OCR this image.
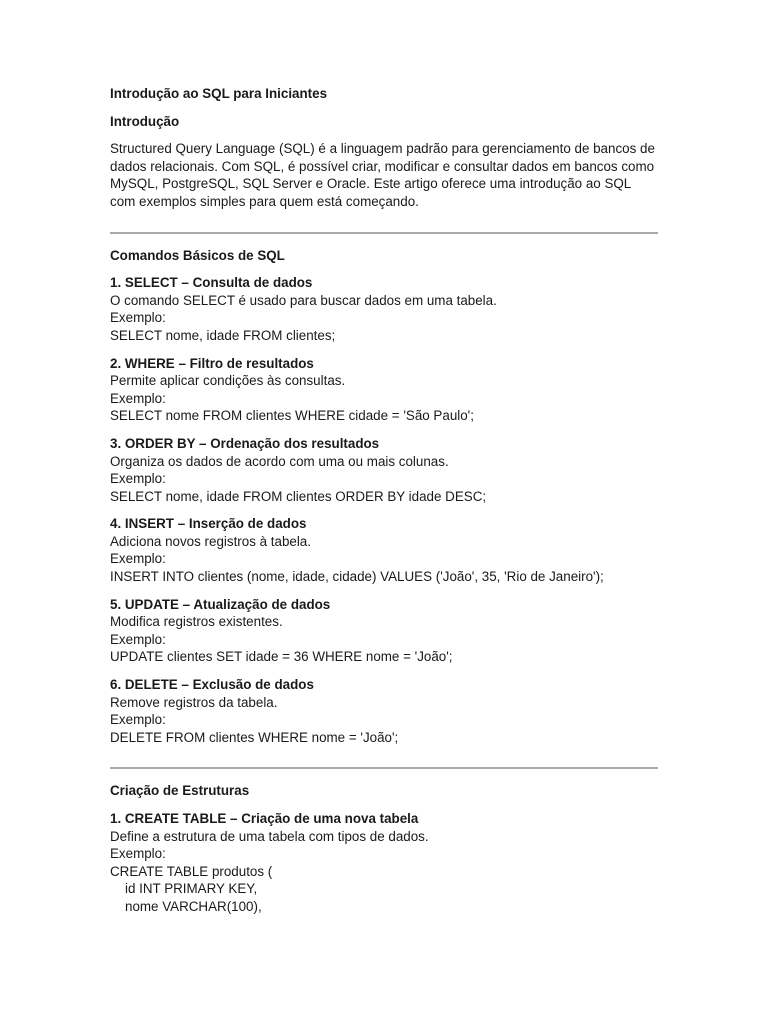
Introdução ao SQL para Iniciantes
Introdução

Structured Query Language (SQL) é a linguagem padrão para gerenciamento de bancos de dados relacionais. Com SQL, é possível criar, modificar e consultar dados em bancos como MySQL, PostgreSQL, SQL Server e Oracle. Este artigo oferece uma introdução ao SQL com exemplos simples para quem está começando.

Comandos Básicos de SQL
1. SELECT – Consulta de dados
O comando SELECT é usado para buscar dados em uma tabela.
Exemplo:
SELECT nome, idade FROM clientes;
2. WHERE – Filtro de resultados
Permite aplicar condições às consultas.
Exemplo:
SELECT nome FROM clientes WHERE cidade = 'São Paulo';
3. ORDER BY – Ordenação dos resultados
Organiza os dados de acordo com uma ou mais colunas.
Exemplo:
SELECT nome, idade FROM clientes ORDER BY idade DESC;
4. INSERT – Inserção de dados
Adiciona novos registros à tabela.
Exemplo:
INSERT INTO clientes (nome, idade, cidade) VALUES ('João', 35, 'Rio de Janeiro');
5. UPDATE – Atualização de dados
Modifica registros existentes.
Exemplo:
UPDATE clientes SET idade = 36 WHERE nome = 'João';
6. DELETE – Exclusão de dados
Remove registros da tabela.
Exemplo:
DELETE FROM clientes WHERE nome = 'João';
Criação de Estruturas
1. CREATE TABLE – Criação de uma nova tabela
Define a estrutura de uma tabela com tipos de dados.
Exemplo:
CREATE TABLE produtos (
id INT PRIMARY KEY,
nome VARCHAR(100),
